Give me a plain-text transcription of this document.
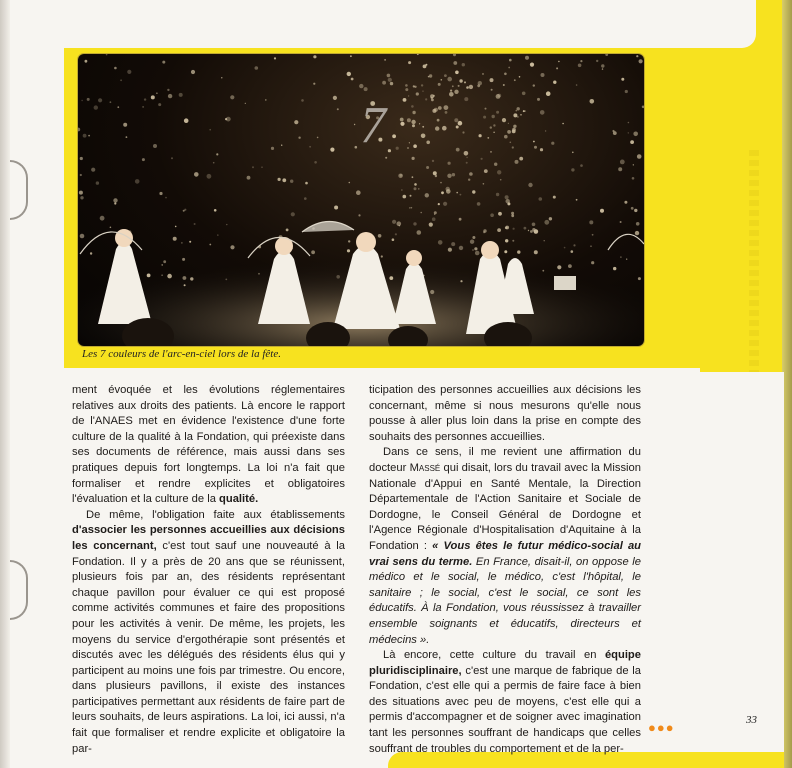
7
Les 7 couleurs de l'arc-en-ciel lors de la fête.

ment évoquée et les évolutions réglementaires relatives aux droits des patients. Là encore le rapport de l'ANAES met en évidence l'existence d'une forte culture de la qualité à la Fondation, qui préexiste dans ses documents de référence, mais aussi dans ses pratiques depuis fort longtemps. La loi n'a fait que formaliser et rendre explicites et obligatoires l'évaluation et la culture de la qualité.

De même, l'obligation faite aux établissements d'associer les personnes accueillies aux décisions les concernant, c'est tout sauf une nouveauté à la Fondation. Il y a près de 20 ans que se réunissent, plusieurs fois par an, des résidents représentant chaque pavillon pour évaluer ce qui est proposé comme activités communes et faire des propositions pour les activités à venir. De même, les projets, les moyens du service d'ergothérapie sont présentés et discutés avec les délégués des résidents élus qui y participent au moins une fois par trimestre. Ou encore, dans plusieurs pavillons, il existe des instances participatives permettant aux résidents de faire part de leurs souhaits, de leurs aspirations. La loi, ici aussi, n'a fait que formaliser et rendre explicite et obligatoire la par-

ticipation des personnes accueillies aux décisions les concernant, même si nous mesurons qu'elle nous pousse à aller plus loin dans la prise en compte des souhaits des personnes accueillies.

Dans ce sens, il me revient une affirmation du docteur Massé qui disait, lors du travail avec la Mission Nationale d'Appui en Santé Mentale, la Direction Départementale de l'Action Sanitaire et Sociale de Dordogne, le Conseil Général de Dordogne et l'Agence Régionale d'Hospitalisation d'Aquitaine à la Fondation : « Vous êtes le futur médico-social au vrai sens du terme. En France, disait-il, on oppose le médico et le social, le médico, c'est l'hôpital, le sanitaire ; le social, c'est le social, ce sont les éducatifs. À la Fondation, vous réussissez à travailler ensemble soignants et éducatifs, directeurs et médecins ».

Là encore, cette culture du travail en équipe pluridisciplinaire, c'est une marque de fabrique de la Fondation, c'est elle qui a permis de faire face à bien des situations avec peu de moyens, c'est elle qui a permis d'accompagner et de soigner avec imagination tant les personnes souffrant de handicaps que celles souffrant de troubles du comportement et de la per-

●●●	33
